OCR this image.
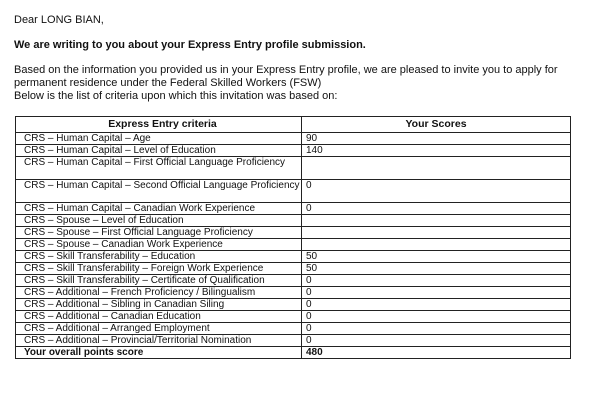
Dear LONG BIAN,
We are writing to you about your Express Entry profile submission.
Based on the information you provided us in your Express Entry profile, we are pleased to invite you to apply for
permanent residence under the Federal Skilled Workers (FSW)
Below is the list of criteria upon which this invitation was based on:
Express Entry criteria	Your Scores
CRS – Human Capital – Age	90
CRS – Human Capital – Level of Education	140
CRS – Human Capital – First Official Language Proficiency	
CRS – Human Capital – Second Official Language Proficiency	0
CRS – Human Capital – Canadian Work Experience	0
CRS – Spouse – Level of Education	
CRS – Spouse – First Official Language Proficiency	
CRS – Spouse – Canadian Work Experience	
CRS – Skill Transferability – Education	50
CRS – Skill Transferability – Foreign Work Experience	50
CRS – Skill Transferability – Certificate of Qualification	0
CRS – Additional – French Proficiency / Bilingualism	0
CRS – Additional – Sibling in Canadian Siling	0
CRS – Additional – Canadian Education	0
CRS – Additional – Arranged Employment	0
CRS – Additional – Provincial/Territorial Nomination	0
Your overall points score	480
